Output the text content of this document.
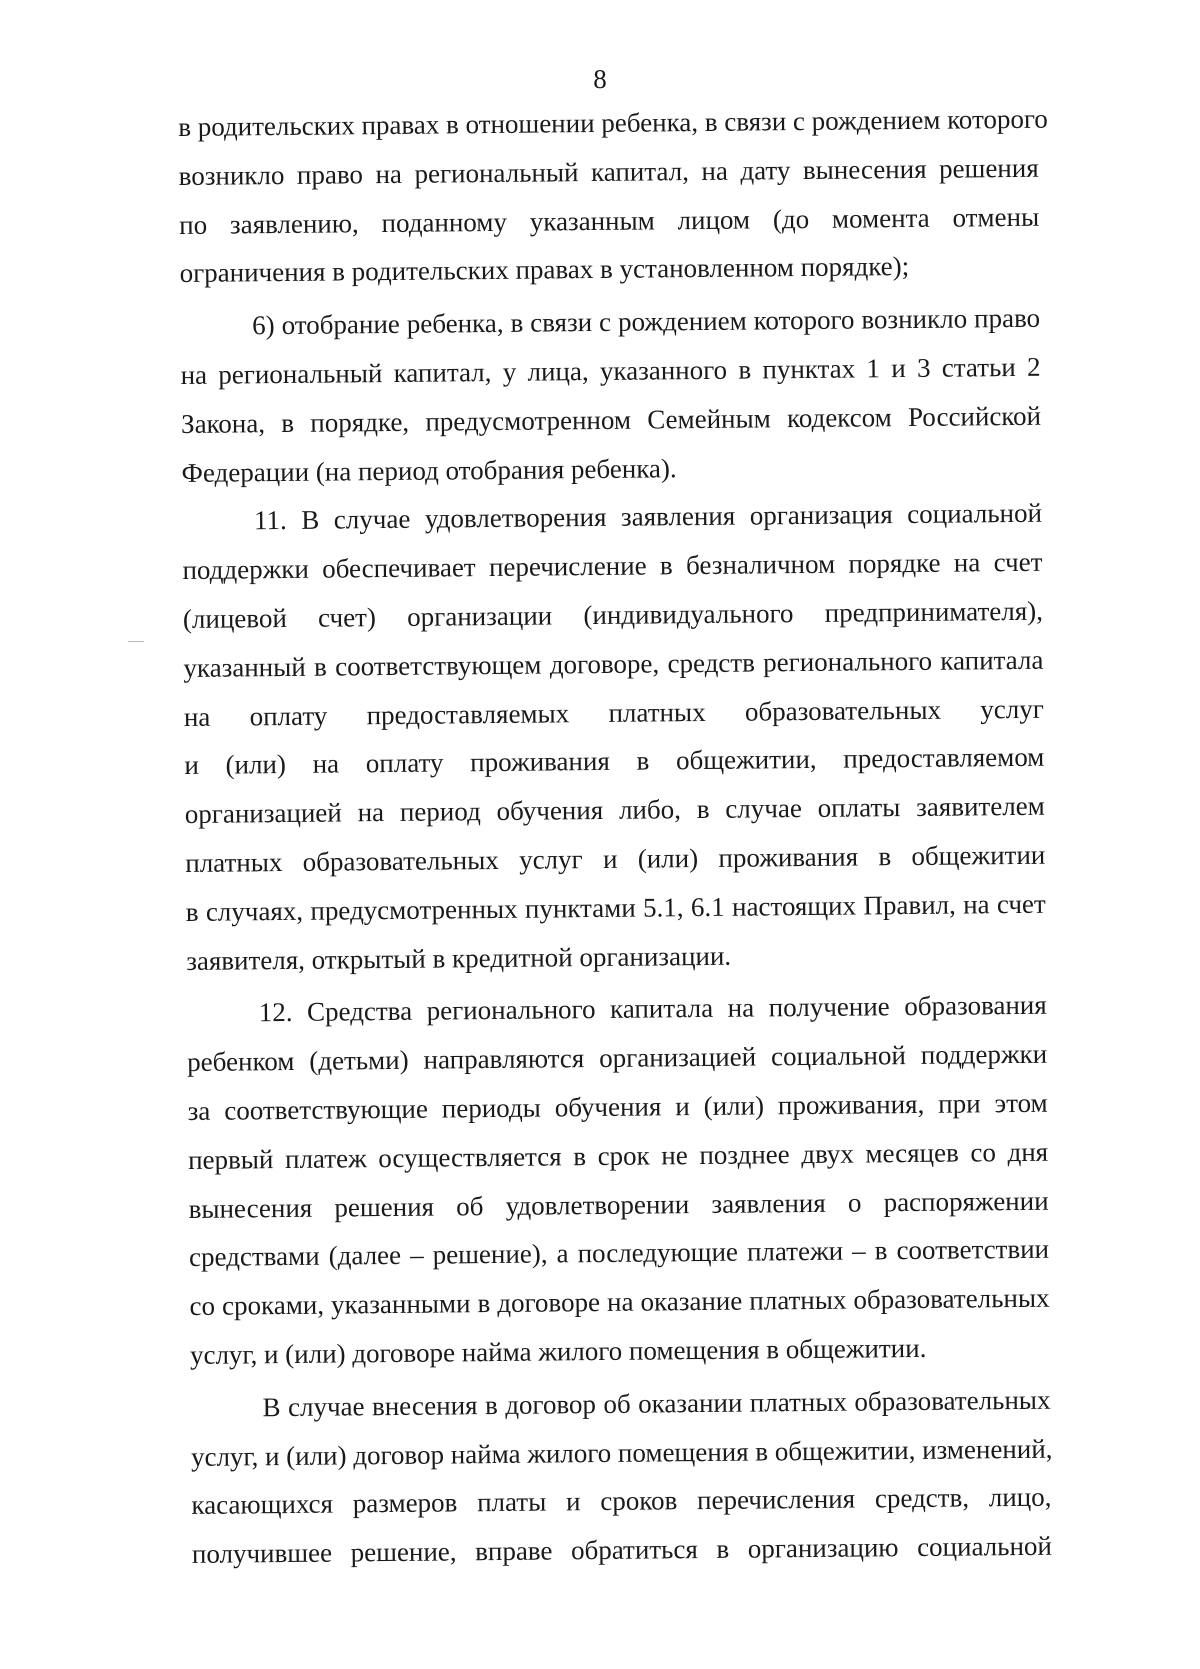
8
в родительских правах в отношении ребенка, в связи с рождением которого
возникло право на региональный капитал, на дату вынесения решения
по заявлению, поданному указанным лицом (до момента отмены
ограничения в родительских правах в установленном порядке);
6) отобрание ребенка, в связи с рождением которого возникло право
на региональный капитал, у лица, указанного в пунктах 1 и 3 статьи 2
Закона, в порядке, предусмотренном Семейным кодексом Российской
Федерации (на период отобрания ребенка).
11. В случае удовлетворения заявления организация социальной
поддержки обеспечивает перечисление в безналичном порядке на счет
(лицевой счет) организации (индивидуального предпринимателя),
указанный в соответствующем договоре, средств регионального капитала
на оплату предоставляемых платных образовательных услуг
и (или) на оплату проживания в общежитии, предоставляемом
организацией на период обучения либо, в случае оплаты заявителем
платных образовательных услуг и (или) проживания в общежитии
в случаях, предусмотренных пунктами 5.1, 6.1 настоящих Правил, на счет
заявителя, открытый в кредитной организации.
12. Средства регионального капитала на получение образования
ребенком (детьми) направляются организацией социальной поддержки
за соответствующие периоды обучения и (или) проживания, при этом
первый платеж осуществляется в срок не позднее двух месяцев со дня
вынесения решения об удовлетворении заявления о распоряжении
средствами (далее – решение), а последующие платежи – в соответствии
со сроками, указанными в договоре на оказание платных образовательных
услуг, и (или) договоре найма жилого помещения в общежитии.
В случае внесения в договор об оказании платных образовательных
услуг, и (или) договор найма жилого помещения в общежитии, изменений,
касающихся размеров платы и сроков перечисления средств, лицо,
получившее решение, вправе обратиться в организацию социальной
